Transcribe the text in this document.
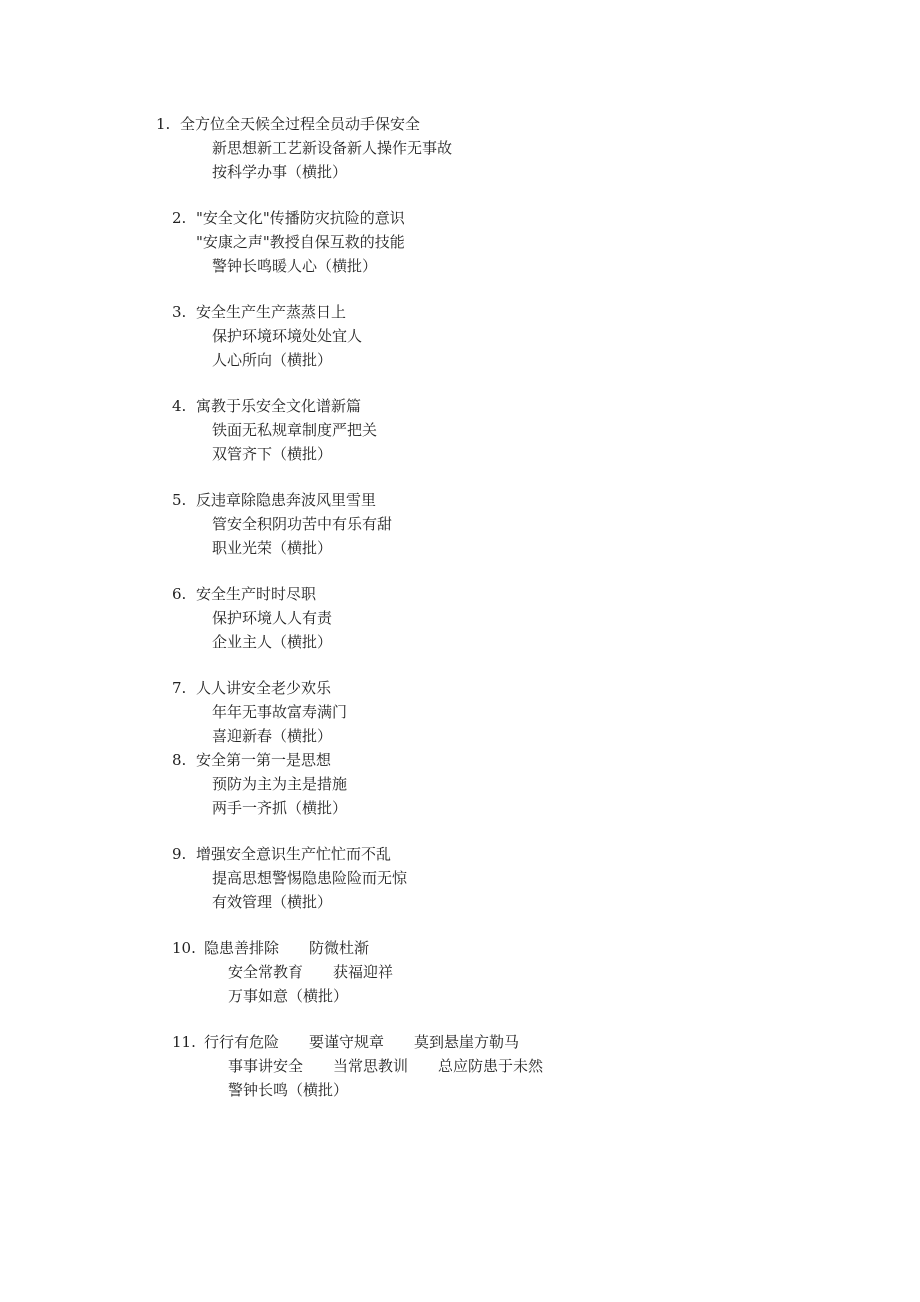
1. 全方位全天候全过程全员动手保安全
新思想新工艺新设备新人操作无事故
按科学办事（横批）
2. "安全文化"传播防灾抗险的意识
"安康之声"教授自保互救的技能
警钟长鸣暖人心（横批）
3. 安全生产生产蒸蒸日上
保护环境环境处处宜人
人心所向（横批）
4. 寓教于乐安全文化谱新篇
铁面无私规章制度严把关
双管齐下（横批）
5. 反违章除隐患奔波风里雪里
管安全积阴功苦中有乐有甜
职业光荣（横批）
6. 安全生产时时尽职
保护环境人人有责
企业主人（横批）
7. 人人讲安全老少欢乐
年年无事故富寿满门
喜迎新春（横批）
8. 安全第一第一是思想
预防为主为主是措施
两手一齐抓（横批）
9. 增强安全意识生产忙忙而不乱
提高思想警惕隐患险险而无惊
有效管理（横批）
10. 隐患善排除　　防微杜渐
安全常教育　　获福迎祥
万事如意（横批）
11. 行行有危险　　要谨守规章　　莫到悬崖方勒马
事事讲安全　　当常思教训　　总应防患于未然
警钟长鸣（横批）
